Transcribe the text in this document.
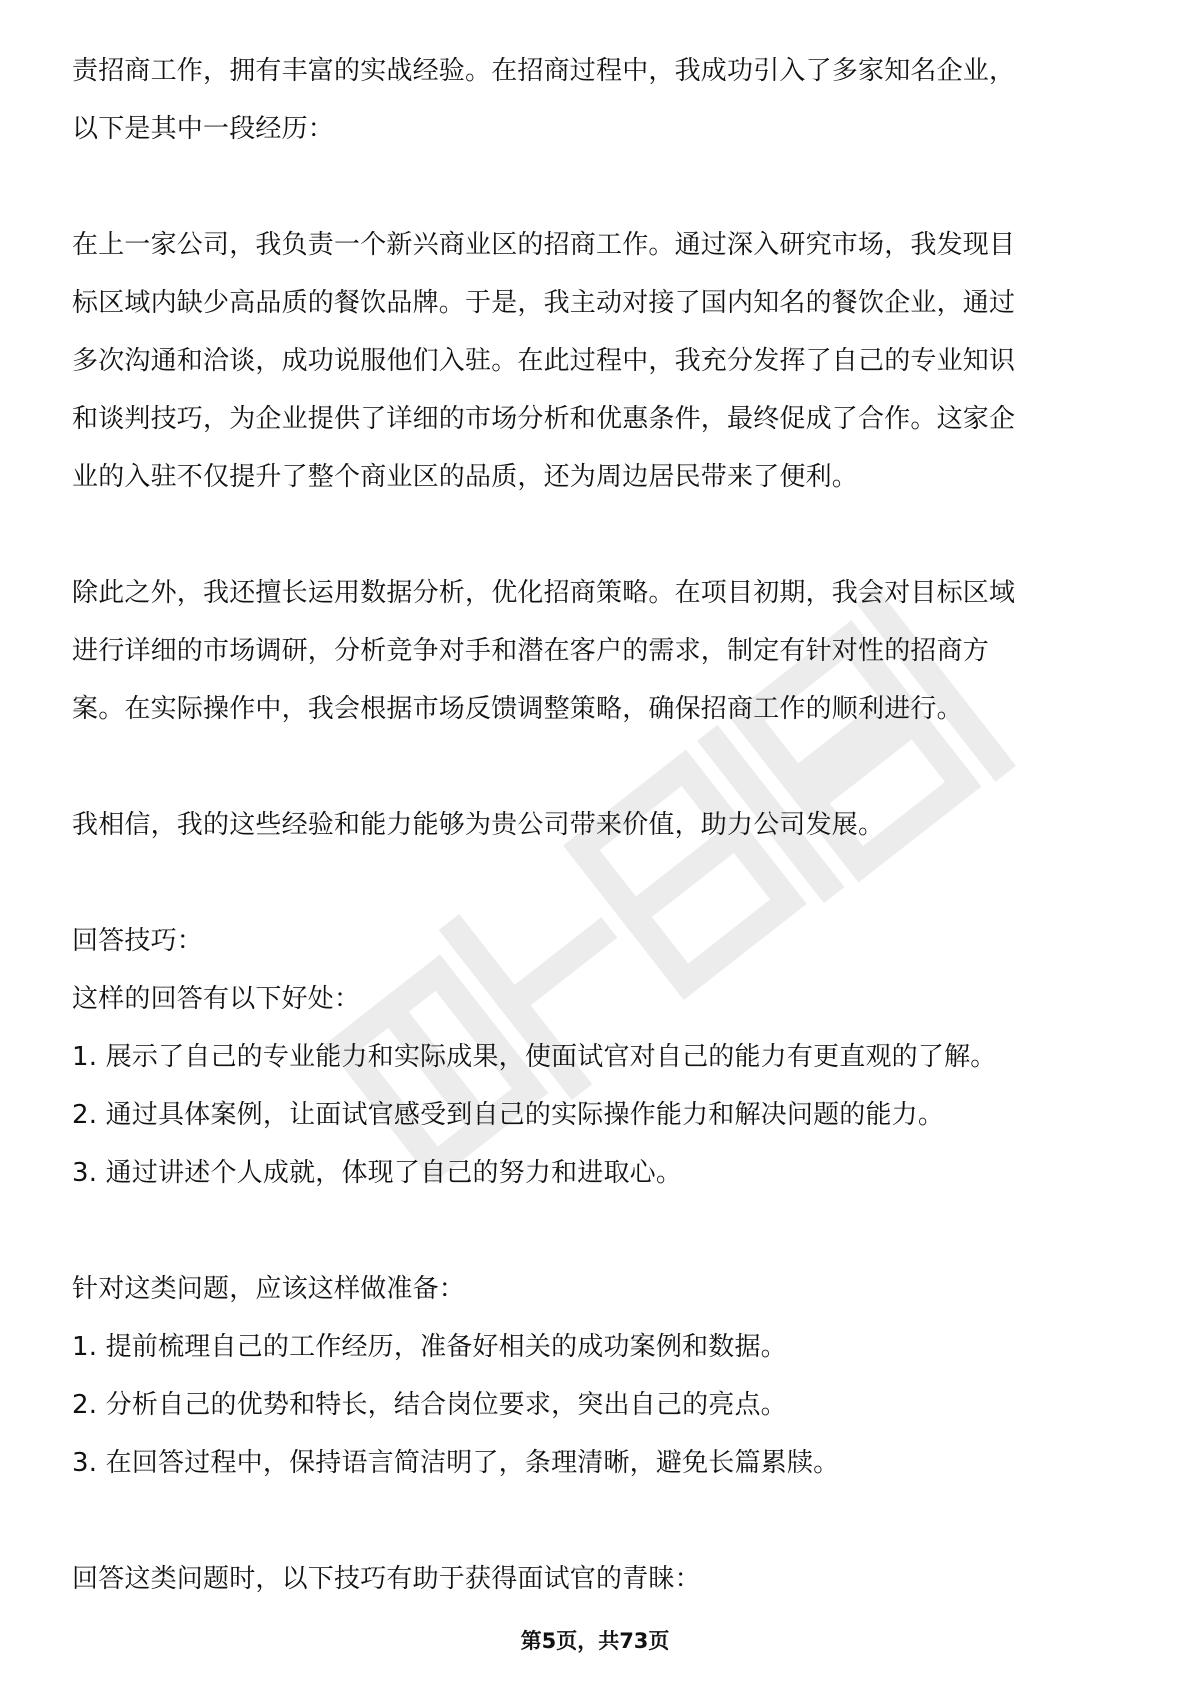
责招商工作，拥有丰富的实战经验。在招商过程中，我成功引入了多家知名企业，
以下是其中一段经历：
在上一家公司，我负责一个新兴商业区的招商工作。通过深入研究市场，我发现目
标区域内缺少高品质的餐饮品牌。于是，我主动对接了国内知名的餐饮企业，通过
多次沟通和洽谈，成功说服他们入驻。在此过程中，我充分发挥了自己的专业知识
和谈判技巧，为企业提供了详细的市场分析和优惠条件，最终促成了合作。这家企
业的入驻不仅提升了整个商业区的品质，还为周边居民带来了便利。
除此之外，我还擅长运用数据分析，优化招商策略。在项目初期，我会对目标区域
进行详细的市场调研，分析竞争对手和潜在客户的需求，制定有针对性的招商方
案。在实际操作中，我会根据市场反馈调整策略，确保招商工作的顺利进行。
我相信，我的这些经验和能力能够为贵公司带来价值，助力公司发展。
回答技巧：
这样的回答有以下好处：
1. 展示了自己的专业能力和实际成果，使面试官对自己的能力有更直观的了解。
2. 通过具体案例，让面试官感受到自己的实际操作能力和解决问题的能力。
3. 通过讲述个人成就，体现了自己的努力和进取心。
针对这类问题，应该这样做准备：
1. 提前梳理自己的工作经历，准备好相关的成功案例和数据。
2. 分析自己的优势和特长，结合岗位要求，突出自己的亮点。
3. 在回答过程中，保持语言简洁明了，条理清晰，避免长篇累牍。
回答这类问题时，以下技巧有助于获得面试官的青睐：
第5页，共73页
